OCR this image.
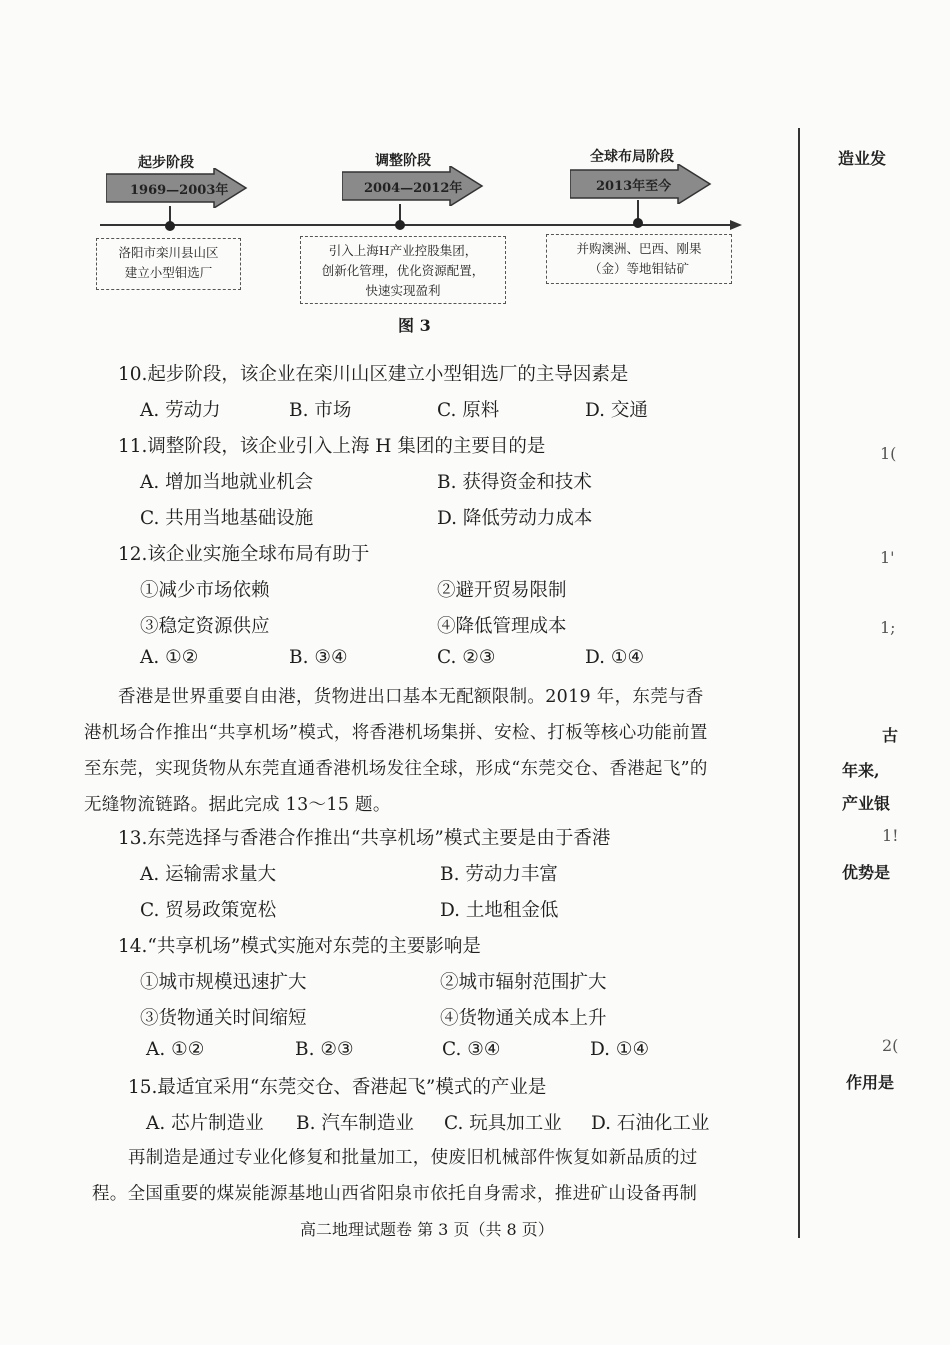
起步阶段
1969—2003年
洛阳市栾川县山区
建立小型钼选厂
调整阶段
2004—2012年
引入上海H产业控股集团，
创新化管理，优化资源配置，
快速实现盈利
全球布局阶段
2013年至今
并购澳洲、巴西、刚果
（金）等地钼钴矿
图 3
10.起步阶段，该企业在栾川山区建立小型钼选厂的主导因素是
A. 劳动力	B. 市场	C. 原料	D. 交通
11.调整阶段，该企业引入上海 H 集团的主要目的是
A. 增加当地就业机会	B. 获得资金和技术
C. 共用当地基础设施	D. 降低劳动力成本
12.该企业实施全球布局有助于
①减少市场依赖	②避开贸易限制
③稳定资源供应	④降低管理成本
A. ①②	B. ③④	C. ②③	D. ①④
香港是世界重要自由港，货物进出口基本无配额限制。2019 年，东莞与香
港机场合作推出“共享机场”模式，将香港机场集拼、安检、打板等核心功能前置
至东莞，实现货物从东莞直通香港机场发往全球，形成“东莞交仓、香港起飞”的
无缝物流链路。据此完成 13～15 题。
13.东莞选择与香港合作推出“共享机场”模式主要是由于香港
A. 运输需求量大	B. 劳动力丰富
C. 贸易政策宽松	D. 土地租金低
14.“共享机场”模式实施对东莞的主要影响是
①城市规模迅速扩大	②城市辐射范围扩大
③货物通关时间缩短	④货物通关成本上升
A. ①②	B. ②③	C. ③④	D. ①④
15.最适宜采用“东莞交仓、香港起飞”模式的产业是
A. 芯片制造业 B. 汽车制造业 C. 玩具加工业 D. 石油化工业
再制造是通过专业化修复和批量加工，使废旧机械部件恢复如新品质的过
程。全国重要的煤炭能源基地山西省阳泉市依托自身需求，推进矿山设备再制
高二地理试题卷 第 3 页（共 8 页）
造业发
1(
1'
1;
古
年来,
产业银
1!
优势是
2(
作用是
